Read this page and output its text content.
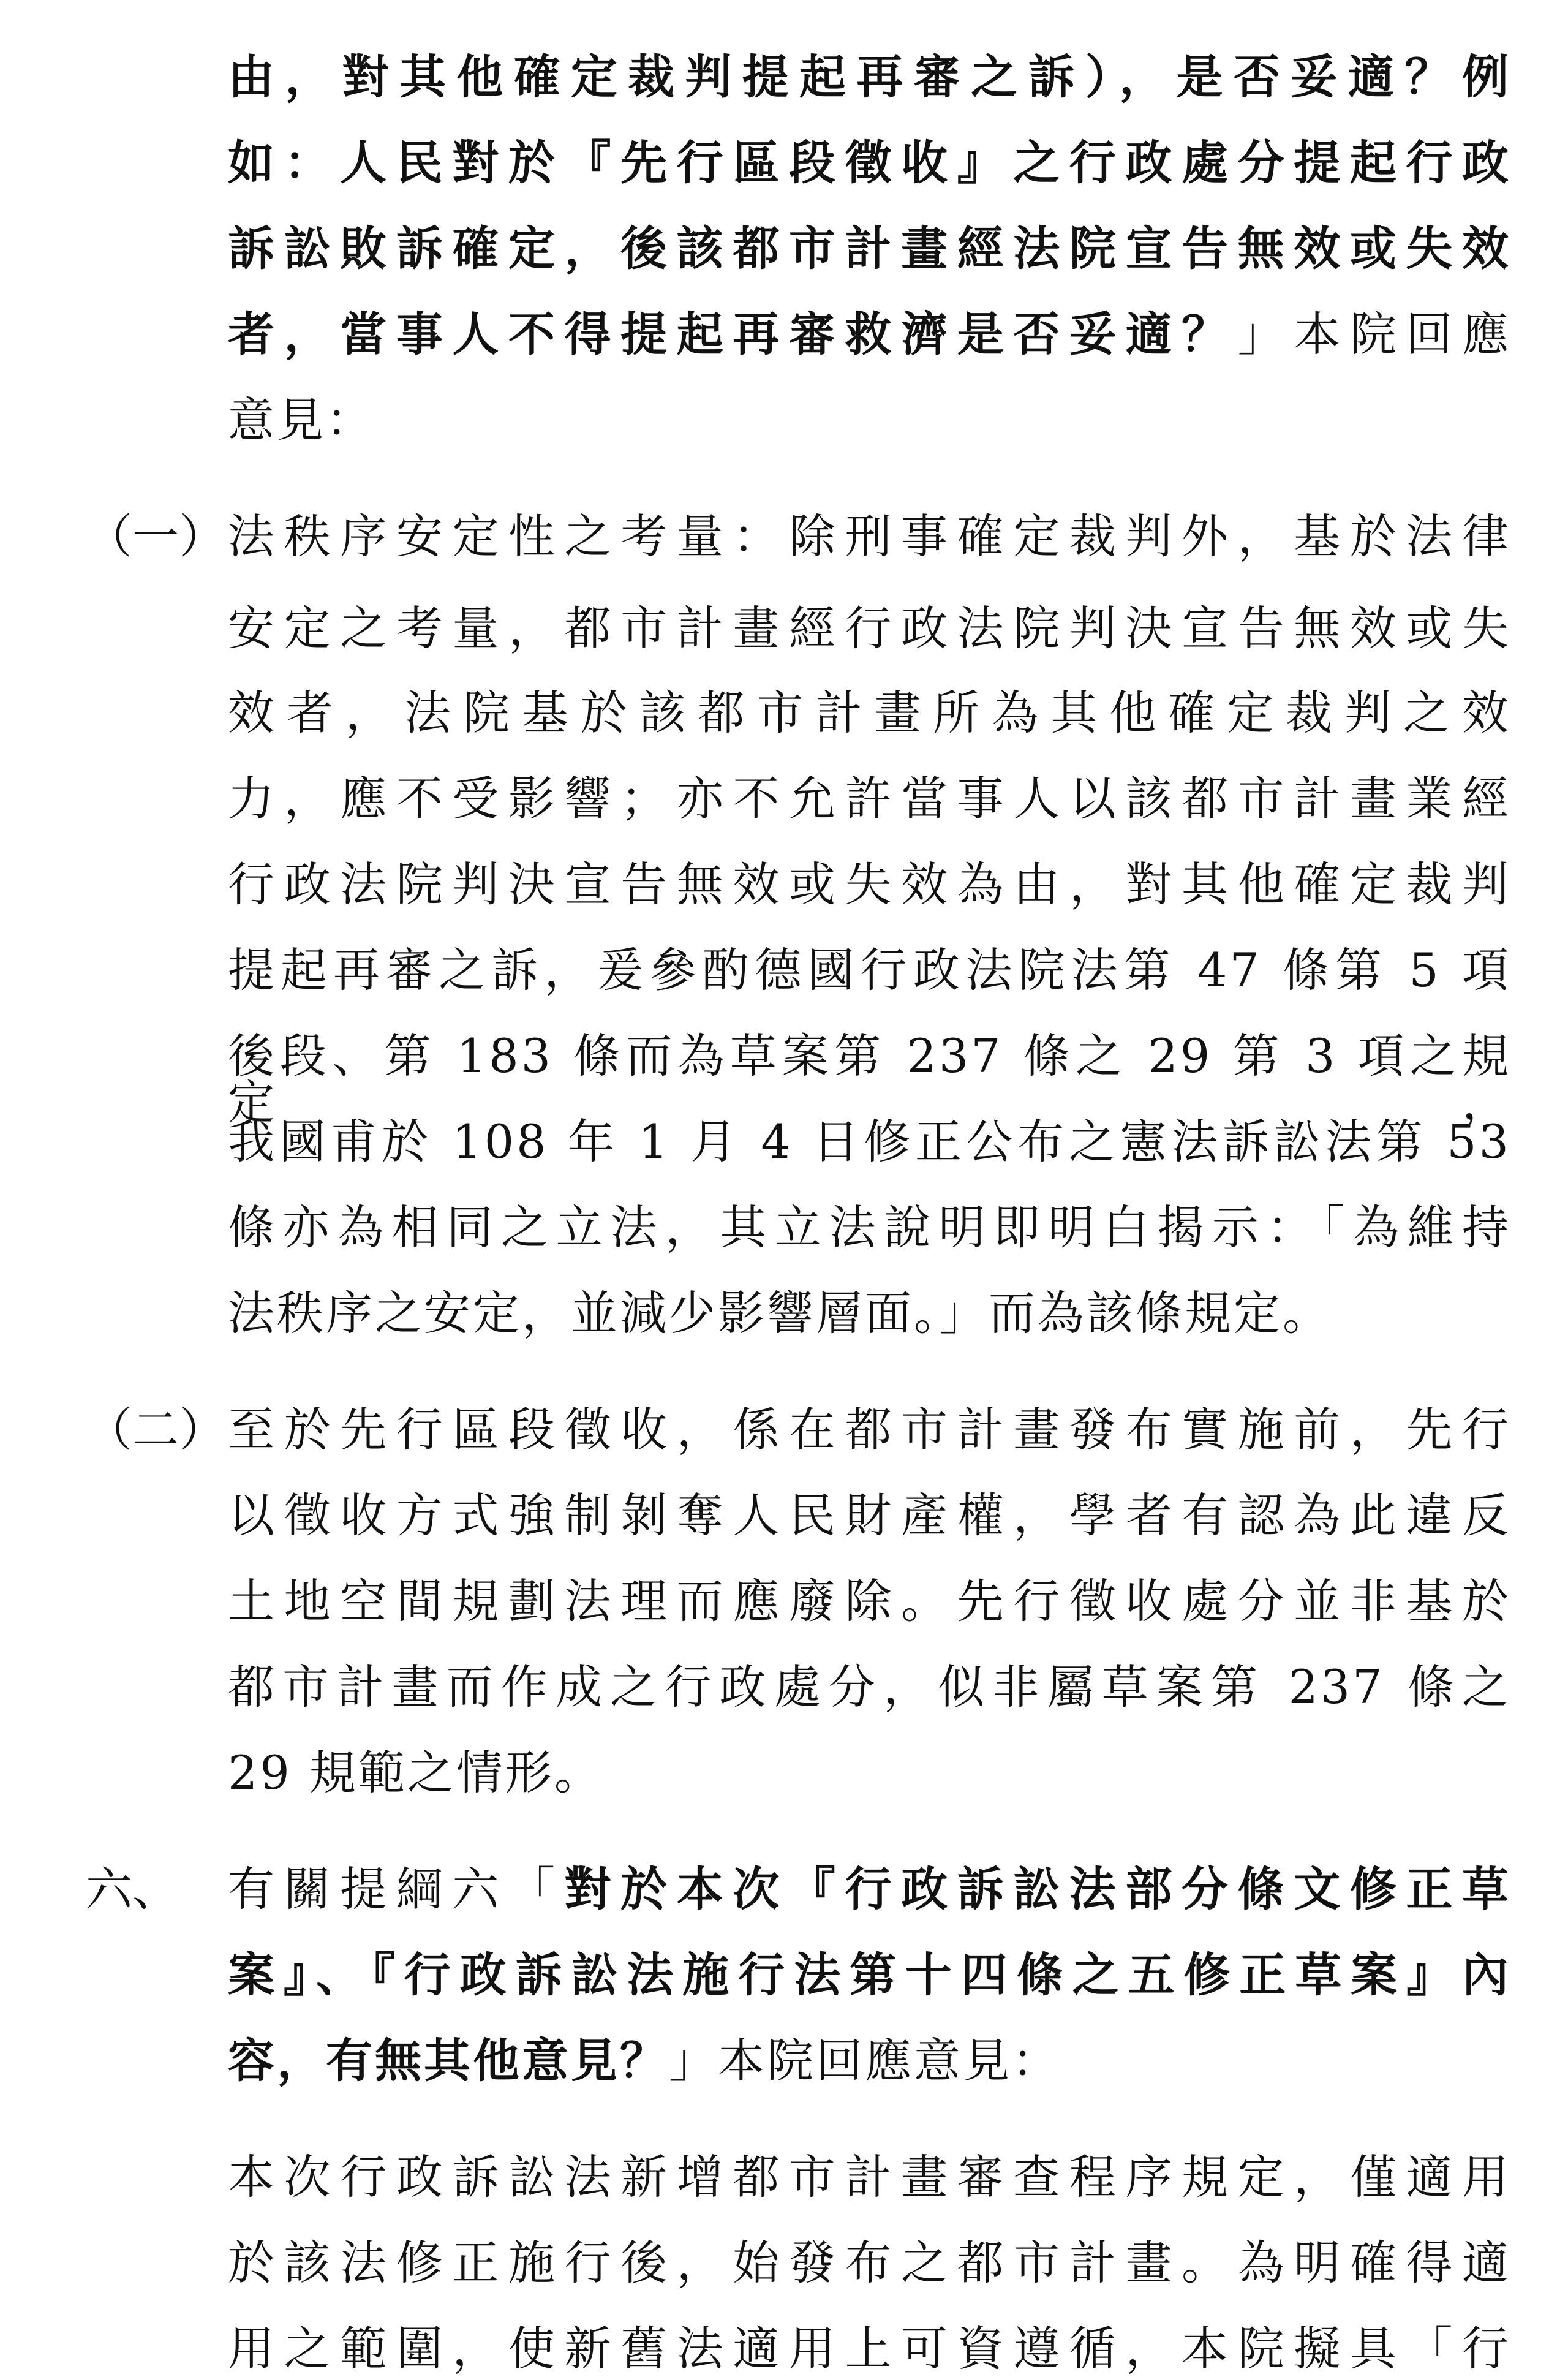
由，對其他確定裁判提起再審之訴），是否妥適？例
如：人民對於『先行區段徵收』之行政處分提起行政
訴訟敗訴確定，後該都市計畫經法院宣告無效或失效
者，當事人不得提起再審救濟是否妥適？」本院回應
意見：
（一） 法秩序安定性之考量：除刑事確定裁判外，基於法律
安定之考量，都市計畫經行政法院判決宣告無效或失
效者，法院基於該都市計畫所為其他確定裁判之效
力，應不受影響；亦不允許當事人以該都市計畫業經
行政法院判決宣告無效或失效為由，對其他確定裁判
提起再審之訴，爰參酌德國行政法院法第 47 條第 5 項
後段、第 183 條而為草案第 237 條之 29 第 3 項之規定，
我國甫於 108 年 1 月 4 日修正公布之憲法訴訟法第 53
條亦為相同之立法，其立法說明即明白揭示：「為維持
法秩序之安定，並減少影響層面。」而為該條規定。
（二） 至於先行區段徵收，係在都市計畫發布實施前，先行
以徵收方式強制剝奪人民財產權，學者有認為此違反
土地空間規劃法理而應廢除。先行徵收處分並非基於
都市計畫而作成之行政處分，似非屬草案第 237 條之
29 規範之情形。
六、 有關提綱六「對於本次『行政訴訟法部分條文修正草
案』、『行政訴訟法施行法第十四條之五修正草案』內
容，有無其他意見？」本院回應意見：
本次行政訴訟法新增都市計畫審查程序規定，僅適用
於該法修正施行後，始發布之都市計畫。為明確得適
用之範圍，使新舊法適用上可資遵循，本院擬具「行
